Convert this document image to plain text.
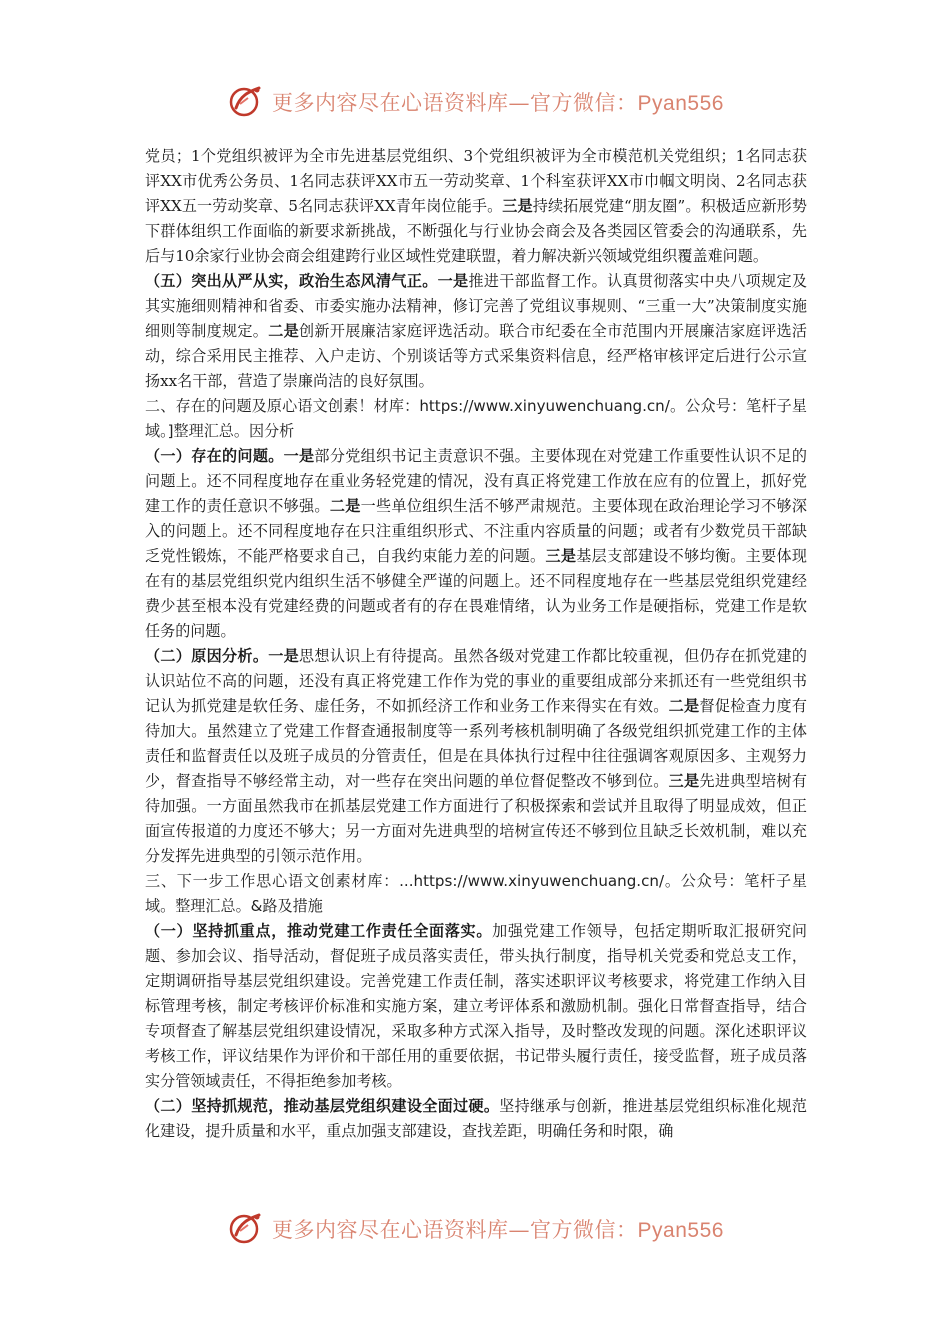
更多内容尽在心语资料库—官方微信：Pyan556

党员；1个党组织被评为全市先进基层党组织、3个党组织被评为全市模范机关党组织；1名同志获评XX市优秀公务员、1名同志获评XX市五一劳动奖章、1个科室获评XX市巾帼文明岗、2名同志获评XX五一劳动奖章、5名同志获评XX青年岗位能手。三是持续拓展党建“朋友圈”。积极适应新形势下群体组织工作面临的新要求新挑战，不断强化与行业协会商会及各类园区管委会的沟通联系，先后与10余家行业协会商会组建跨行业区域性党建联盟，着力解决新兴领域党组织覆盖难问题。

（五）突出从严从实，政治生态风清气正。一是推进干部监督工作。认真贯彻落实中央八项规定及其实施细则精神和省委、市委实施办法精神，修订完善了党组议事规则、“三重一大”决策制度实施细则等制度规定。二是创新开展廉洁家庭评选活动。联合市纪委在全市范围内开展廉洁家庭评选活动，综合采用民主推荐、入户走访、个别谈话等方式采集资料信息，经严格审核评定后进行公示宣扬xx名干部，营造了崇廉尚洁的良好氛围。

二、存在的问题及原心语文创素！材库：https://www.xinyuwenchuang.cn/。公众号：笔杆子星域。]整理汇总。因分析

（一）存在的问题。一是部分党组织书记主责意识不强。主要体现在对党建工作重要性认识不足的问题上。还不同程度地存在重业务轻党建的情况，没有真正将党建工作放在应有的位置上，抓好党建工作的责任意识不够强。二是一些单位组织生活不够严肃规范。主要体现在政治理论学习不够深入的问题上。还不同程度地存在只注重组织形式、不注重内容质量的问题；或者有少数党员干部缺乏党性锻炼，不能严格要求自己，自我约束能力差的问题。三是基层支部建设不够均衡。主要体现在有的基层党组织党内组织生活不够健全严谨的问题上。还不同程度地存在一些基层党组织党建经费少甚至根本没有党建经费的问题或者有的存在畏难情绪，认为业务工作是硬指标，党建工作是软任务的问题。

（二）原因分析。一是思想认识上有待提高。虽然各级对党建工作都比较重视，但仍存在抓党建的认识站位不高的问题，还没有真正将党建工作作为党的事业的重要组成部分来抓还有一些党组织书记认为抓党建是软任务、虚任务，不如抓经济工作和业务工作来得实在有效。二是督促检查力度有待加大。虽然建立了党建工作督查通报制度等一系列考核机制明确了各级党组织抓党建工作的主体责任和监督责任以及班子成员的分管责任，但是在具体执行过程中往往强调客观原因多、主观努力少，督查指导不够经常主动，对一些存在突出问题的单位督促整改不够到位。三是先进典型培树有待加强。一方面虽然我市在抓基层党建工作方面进行了积极探索和尝试并且取得了明显成效，但正面宣传报道的力度还不够大；另一方面对先进典型的培树宣传还不够到位且缺乏长效机制，难以充分发挥先进典型的引领示范作用。

三、下一步工作思心语文创素材库：...https://www.xinyuwenchuang.cn/。公众号：笔杆子星域。整理汇总。&路及措施

（一）坚持抓重点，推动党建工作责任全面落实。加强党建工作领导，包括定期听取汇报研究问题、参加会议、指导活动，督促班子成员落实责任，带头执行制度，指导机关党委和党总支工作，定期调研指导基层党组织建设。完善党建工作责任制，落实述职评议考核要求，将党建工作纳入目标管理考核，制定考核评价标准和实施方案，建立考评体系和激励机制。强化日常督查指导，结合专项督查了解基层党组织建设情况，采取多种方式深入指导，及时整改发现的问题。深化述职评议考核工作，评议结果作为评价和干部任用的重要依据，书记带头履行责任，接受监督，班子成员落实分管领域责任，不得拒绝参加考核。

（二）坚持抓规范，推动基层党组织建设全面过硬。坚持继承与创新，推进基层党组织标准化规范化建设，提升质量和水平，重点加强支部建设，查找差距，明确任务和时限，确

更多内容尽在心语资料库—官方微信：Pyan556
